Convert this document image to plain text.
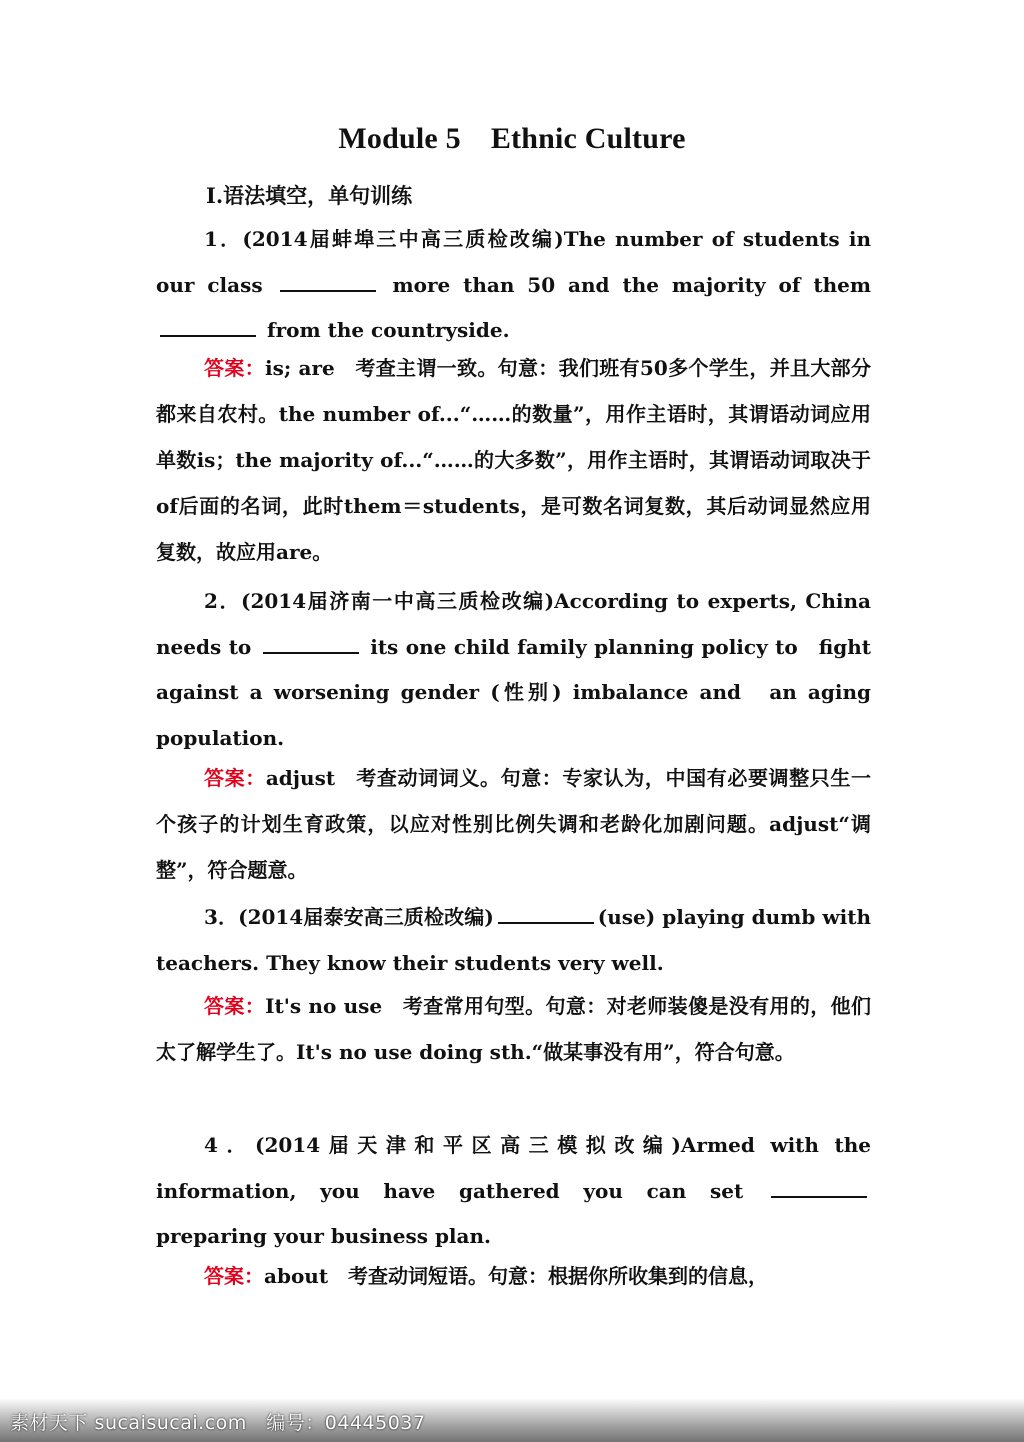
Module 5 Ethnic Culture
Ⅰ.语法填空，单句训练
1．(2014届蚌埠三中高三质检改编)The number of students in our class	more than 50 and the majority of them  from the countryside.
答案：is; are　考查主谓一致。句意：我们班有50多个学生，并且大部分都来自农村。the number of...“……的数量”，用作主语时，其谓语动词应用单数is；the majority of...“……的大多数”，用作主语时，其谓语动词取决于of后面的名词，此时them＝students，是可数名词复数，其后动词显然应用复数，故应用are。
2．(2014届济南一中高三质检改编)According to experts, China needs to	its one child family planning policy to　fight against a worsening gender (性别) imbalance and　an aging population.
答案：adjust　考查动词词义。句意：专家认为，中国有必要调整只生一个孩子的计划生育政策，以应对性别比例失调和老龄化加剧问题。adjust“调整”，符合题意。
3．(2014届泰安高三质检改编)	(use) playing dumb with teachers. They know their students very well.
答案：It's no use　考查常用句型。句意：对老师装傻是没有用的，他们太了解学生了。It's no use doing sth.“做某事没有用”，符合句意。
4．(2014届天津和平区高三模拟改编)Armed with the information, you have gathered you can set  preparing your business plan.
答案：about　考查动词短语。句意：根据你所收集到的信息，
素材天下 sucaisucai.com　编号：04445037
